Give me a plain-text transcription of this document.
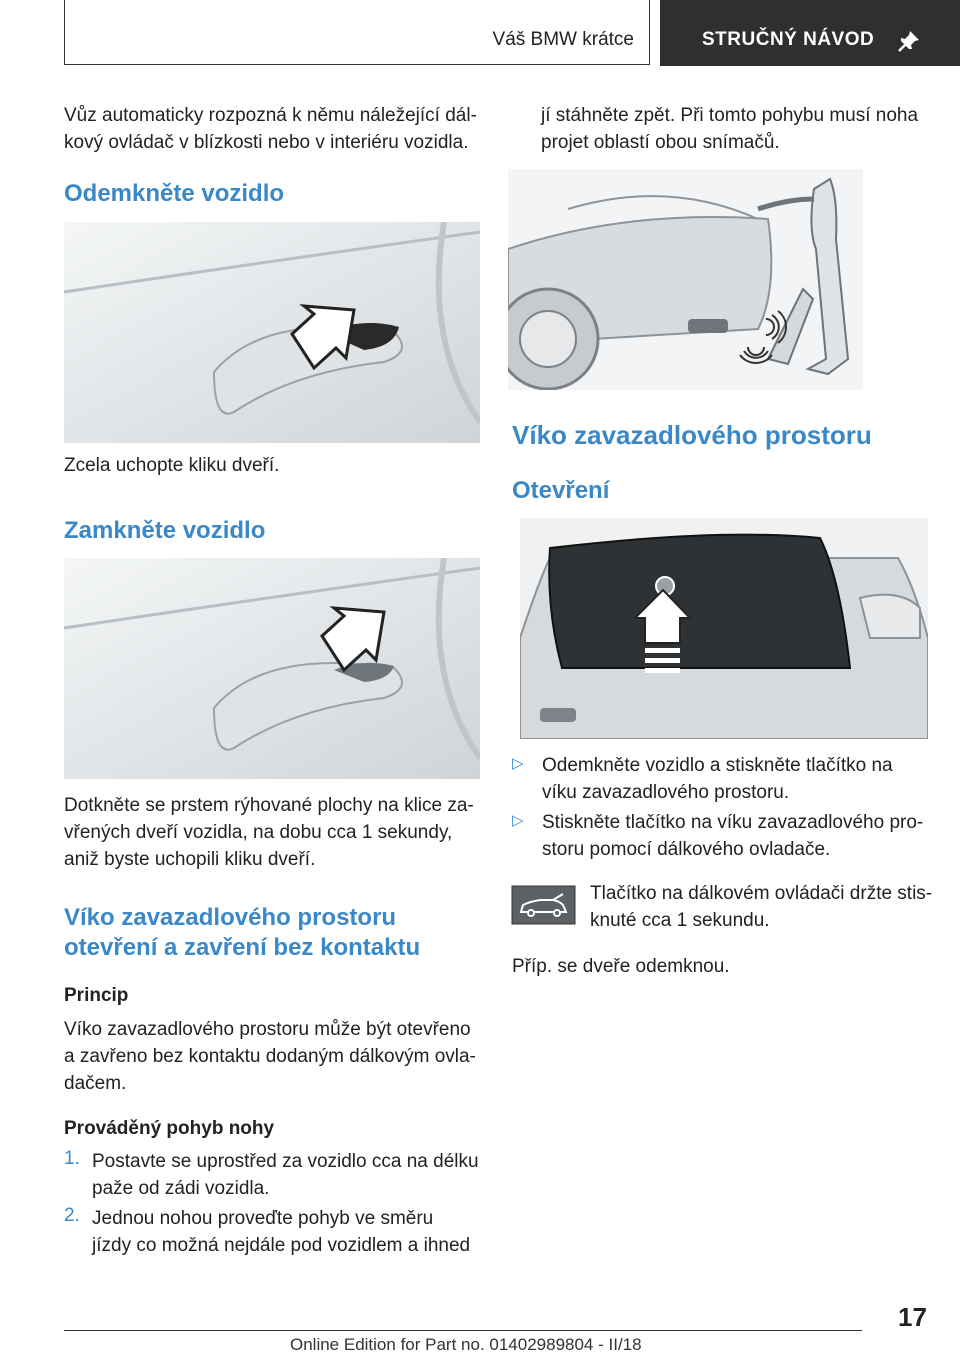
Váš BMW krátce	STRUČNÝ NÁVOD
Vůz automaticky rozpozná k němu náležející dál-
kový ovládač v blízkosti nebo v interiéru vozidla.
Odemkněte vozidlo
Zcela uchopte kliku dveří.
Zamkněte vozidlo
Dotkněte se prstem rýhované plochy na klice za-
vřených dveří vozidla, na dobu cca 1 sekundy,
aniž byste uchopili kliku dveří.
Víko zavazadlového prostoru
otevření a zavření bez kontaktu
Princip
Víko zavazadlového prostoru může být otevřeno
a zavřeno bez kontaktu dodaným dálkovým ovla-
dačem.
Prováděný pohyb nohy
1. Postavte se uprostřed za vozidlo cca na délku
paže od zádi vozidla.
2. Jednou nohou proveďte pohyb ve směru
jízdy co možná nejdále pod vozidlem a ihned
jí stáhněte zpět. Při tomto pohybu musí noha
projet oblastí obou snímačů.
Víko zavazadlového prostoru
Otevření
▷ Odemkněte vozidlo a stiskněte tlačítko na
víku zavazadlového prostoru.
▷ Stiskněte tlačítko na víku zavazadlového pro-
storu pomocí dálkového ovladače.
Tlačítko na dálkovém ovládači držte stis-
knuté cca 1 sekundu.
Příp. se dveře odemknou.
17
Online Edition for Part no. 01402989804 - II/18
